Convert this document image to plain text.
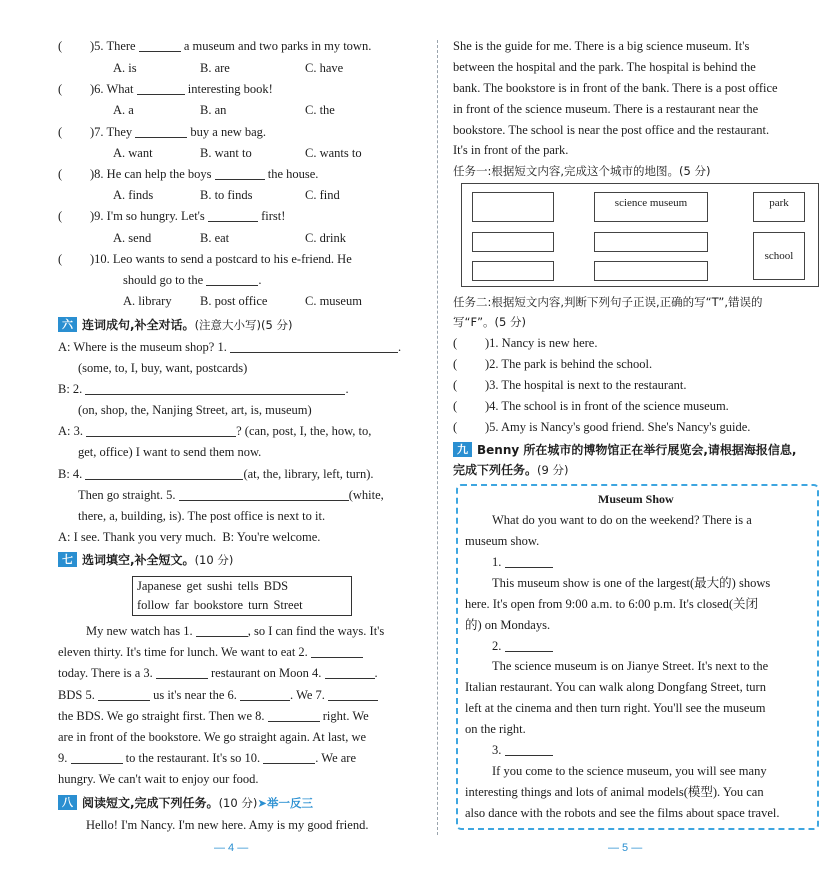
( )5. There	a museum and two parks in my town.
A. is	B. are	C. have
( )6. What	interesting book!
A. a	B. an	C. the
( )7. They	buy a new bag.
A. want	B. want to	C. wants to
( )8. He can help the boys	the house.
A. finds	B. to finds	C. find
( )9. I'm so hungry. Let's	first!
A. send	B. eat	C. drink
( )10. Leo wants to send a postcard to his e-friend. He
should go to the	.
A. library B. post office	C. museum
六 连词成句,补全对话。(注意大小写)(5 分)
A: Where is the museum shop? 1.	.
(some, to, I, buy, want, postcards)
B: 2.	.
(on, shop, the, Nanjing Street, art, is, museum)
A: 3.	? (can, post, I, the, how, to,
get, office) I want to send them now.
B: 4.	(at, the, library, left, turn).
Then go straight. 5.	(white,
there, a, building, is). The post office is next to it.
A: I see. Thank you very much. B: You're welcome.
七 选词填空,补全短文。(10 分)
Japanese get sushi tells BDS
follow far bookstore turn Street
My new watch has 1.	, so I can find the ways. It's
eleven thirty. It's time for lunch. We want to eat 2.
today. There is a 3.	restaurant on Moon 4.	.
BDS 5.	us it's near the 6.	. We 7.
the BDS. We go straight first. Then we 8.	right. We
are in front of the bookstore. We go straight again. At last, we
9.	to the restaurant. It's so 10.	. We are
hungry. We can't wait to enjoy our food.
八 阅读短文,完成下列任务。(10 分)➤举一反三
Hello! I'm Nancy. I'm new here. Amy is my good friend.
— 4 —
She is the guide for me. There is a big science museum. It's
between the hospital and the park. The hospital is behind the
bank. The bookstore is in front of the bank. There is a post office
in front of the science museum. There is a restaurant near the
bookstore. The school is near the post office and the restaurant.
It's in front of the park.
任务一:根据短文内容,完成这个城市的地图。(5 分)
science museum	park
school
任务二:根据短文内容,判断下列句子正误,正确的写“T”,错误的
写“F”。(5 分)
( )1. Nancy is new here.
( )2. The park is behind the school.
( )3. The hospital is next to the restaurant.
( )4. The school is in front of the science museum.
( )5. Amy is Nancy's good friend. She's Nancy's guide.
九 Benny 所在城市的博物馆正在举行展览会,请根据海报信息,
完成下列任务。(9 分)
Museum Show
What do you want to do on the weekend? There is a
museum show.
1.
This museum show is one of the largest(最大的) shows
here. It's open from 9:00 a.m. to 6:00 p.m. It's closed(关闭
的) on Mondays.
2.
The science museum is on Jianye Street. It's next to the
Italian restaurant. You can walk along Dongfang Street, turn
left at the cinema and then turn right. You'll see the museum
on the right.
3.
If you come to the science museum, you will see many
interesting things and lots of animal models(模型). You can
also dance with the robots and see the films about space travel.
— 5 —
